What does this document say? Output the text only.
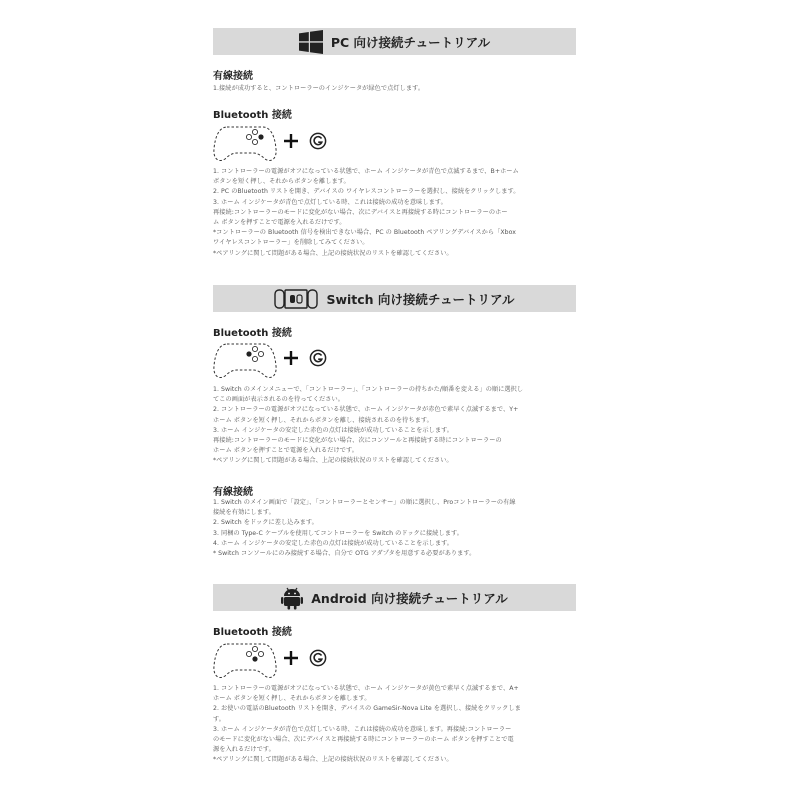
PC 向け接続チュートリアル
有線接続

1.接続が成功すると、コントローラーのインジケータが緑色で点灯します。

Bluetooth 接続

1. コントローラーの電源がオフになっている状態で、ホーム インジケータが青色で点滅するまで、B+ホーム

ボタンを短く押し、それからボタンを離します。

2. PC のBluetooth リストを開き、デバイスの ワイヤレスコントローラーを選択し、接続をクリックします。

3. ホーム インジケータが青色で点灯している時、これは接続の成功を意味します。

再接続:コントローラーのモードに変化がない場合、次にデバイスと再接続する時にコントローラーのホー

ム ボタンを押すことで電源を入れるだけです。

*コントローラーの Bluetooth 信号を検出できない場合、PC の Bluetooth ペアリングデバイスから「Xbox

ワイヤレスコントローラー」を削除してみてください。

*ペアリングに関して問題がある場合、上記の接続状況のリストを確認してください。

Switch 向け接続チュートリアル
Bluetooth 接続

1. Switch のメインメニューで、「コントローラー」、「コントローラーの持ちかた/順番を変える」の順に選択し

てこの画面が表示されるのを待ってください。

2. コントローラーの電源がオフになっている状態で、ホーム インジケータが赤色で素早く点滅するまで、Y+

ホーム ボタンを短く押し、それからボタンを離し、接続されるのを待ちます。

3. ホーム インジケータの安定した赤色の点灯は接続が成功していることを示します。

再接続:コントローラーのモードに変化がない場合、次にコンソールと再接続する時にコントローラーの

ホーム ボタンを押すことで電源を入れるだけです。

*ペアリングに関して問題がある場合、上記の接続状況のリストを確認してください。

有線接続

1. Switch のメイン画面で「設定」、「コントローラーとセンサー」の順に選択し、Proコントローラーの有線

接続を有効にします。

2. Switch をドックに差し込みます。

3. 同梱の Type-C ケーブルを使用してコントローラーを Switch のドックに接続します。

4. ホーム インジケータの安定した赤色の点灯は接続が成功していることを示します。

* Switch コンソールにのみ接続する場合、自分で OTG アダプタを用意する必要があります。

Android 向け接続チュートリアル
Bluetooth 接続

1. コントローラーの電源がオフになっている状態で、ホーム インジケータが黄色で素早く点滅するまで、A+

ホーム ボタンを短く押し、それからボタンを離します。

2. お使いの電話のBluetooth リストを開き、デバイスの GameSir-Nova Lite を選択し、接続をクリックしま

す。

3. ホーム インジケータが青色で点灯している時、これは接続の成功を意味します。再接続:コントローラー

のモードに変化がない場合、次にデバイスと再接続する時にコントローラーのホーム ボタンを押すことで電

源を入れるだけです。

*ペアリングに関して問題がある場合、上記の接続状況のリストを確認してください。
